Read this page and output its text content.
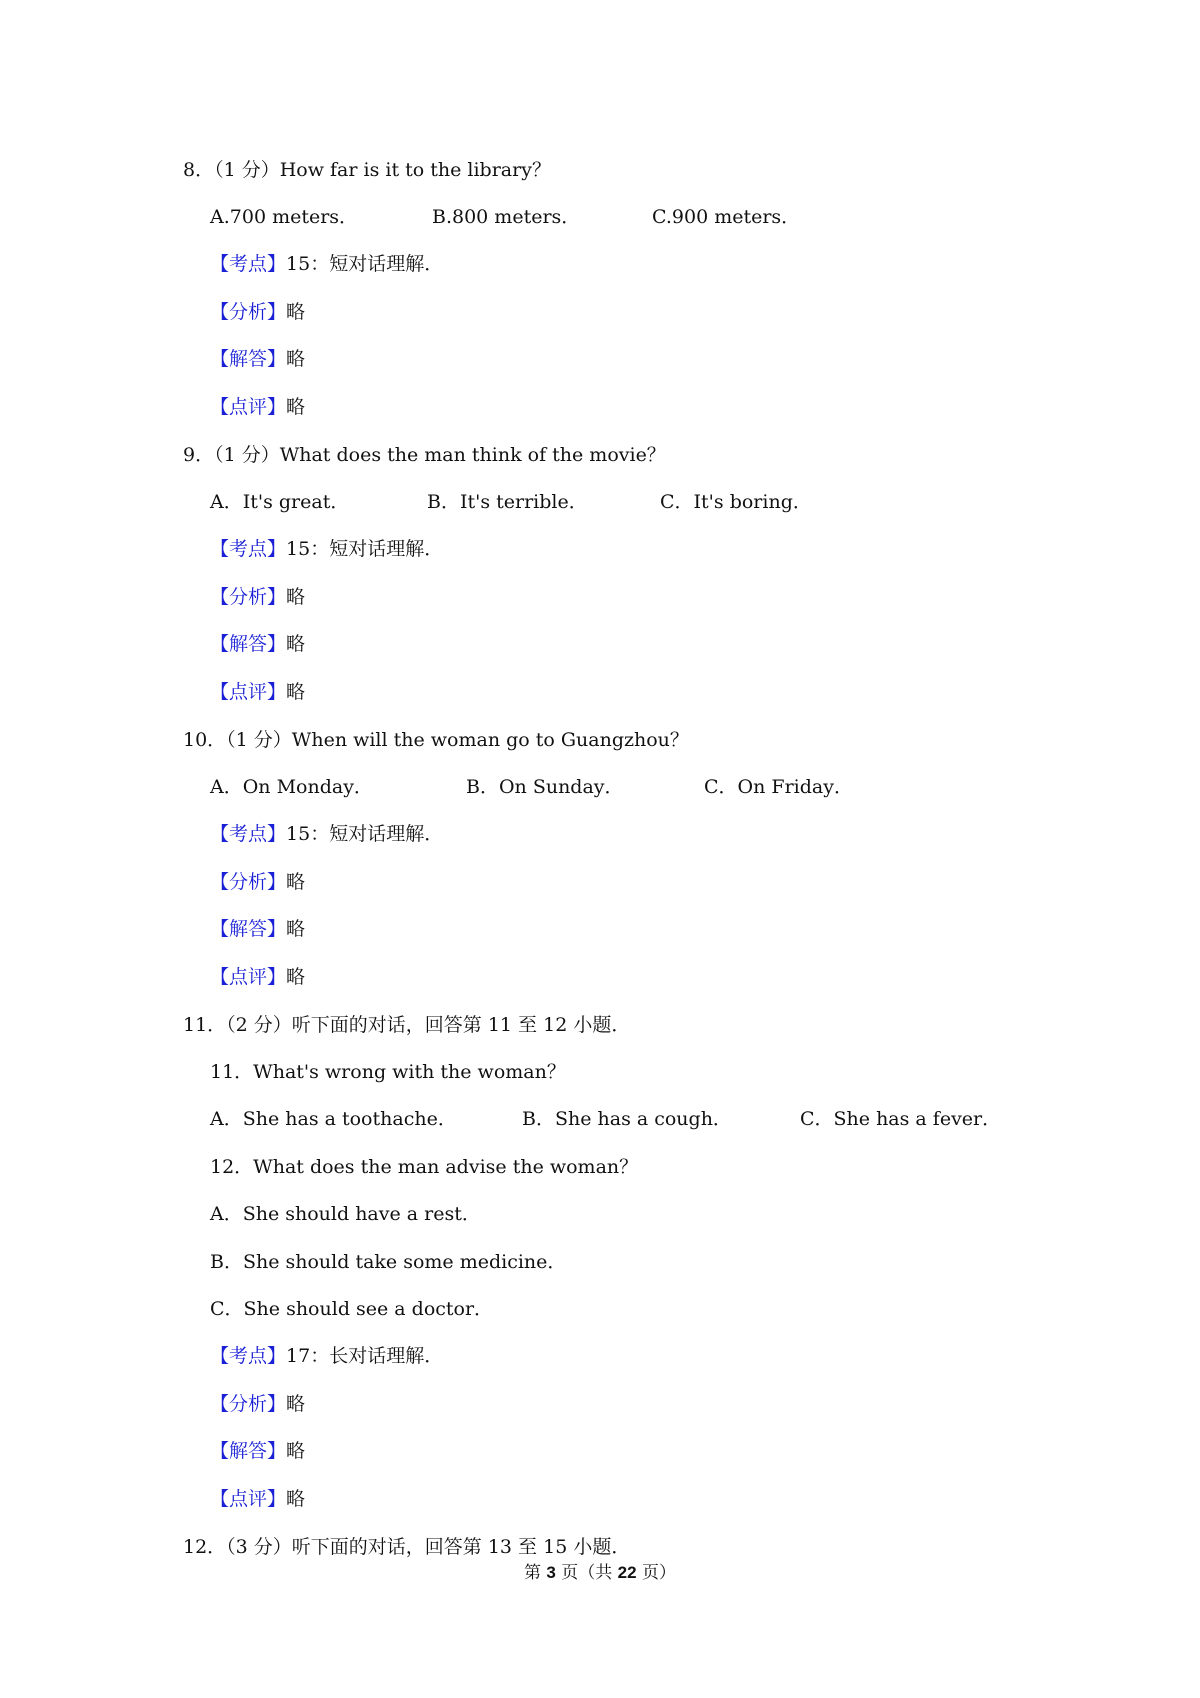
8．（1 分）How far is it to the library？
A.700 meters．	B.800 meters．	C.900 meters．
【考点】15：短对话理解．
【分析】略
【解答】略
【点评】略
9．（1 分）What does the man think of the movie？
A．It's great．	B．It's terrible．	C．It's boring．
【考点】15：短对话理解．
【分析】略
【解答】略
【点评】略
10．（1 分）When will the woman go to Guangzhou？
A．On Monday．	B．On Sunday．	C．On Friday．
【考点】15：短对话理解．
【分析】略
【解答】略
【点评】略
11．（2 分）听下面的对话，回答第 11 至 12 小题．
11．What's wrong with the woman？
A．She has a toothache．	B．She has a cough．	C．She has a fever．
12．What does the man advise the woman？
A．She should have a rest．
B．She should take some medicine．
C．She should see a doctor．
【考点】17：长对话理解．
【分析】略
【解答】略
【点评】略
12．（3 分）听下面的对话，回答第 13 至 15 小题．
第 3 页（共 22 页）
